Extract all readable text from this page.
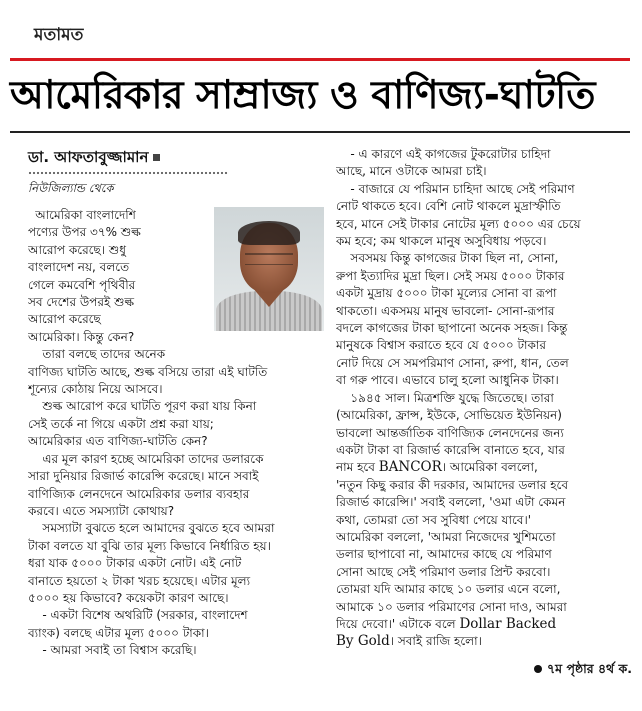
মতামত
আমেরিকার সাম্রাজ্য ও বাণিজ্য-ঘাটতি
ডা. আফতাবুজ্জামান
নিউজিল্যান্ড থেকে
আমেরিকা বাংলাদেশি
পণ্যের উপর ৩৭% শুল্ক
আরোপ করেছে। শুধু
বাংলাদেশ নয়, বলতে
গেলে কমবেশি পৃথিবীর
সব দেশের উপরই শুল্ক
আরোপ করেছে
আমেরিকা। কিন্তু কেন?
তারা বলছে তাদের অনেক
বাণিজ্য ঘাটতি আছে, শুল্ক বসিয়ে তারা এই ঘাটতি
শূন্যের কোঠায় নিয়ে আসবে।
শুল্ক আরোপ করে ঘাটতি পূরণ করা যায় কিনা
সেই তর্কে না গিয়ে একটা প্রশ্ন করা যায়;
আমেরিকার এত বাণিজ্য-ঘাটতি কেন?
এর মূল কারণ হচ্ছে আমেরিকা তাদের ডলারকে
সারা দুনিয়ার রিজার্ভ কারেন্সি করেছে। মানে সবাই
বাণিজ্যিক লেনদেনে আমেরিকার ডলার ব্যবহার
করবে। এতে সমস্যাটা কোথায়?
সমস্যাটা বুঝতে হলে আমাদের বুঝতে হবে আমরা
টাকা বলতে যা বুঝি তার মূল্য কিভাবে নির্ধারিত হয়।
ধরা যাক ৫০০০ টাকার একটা নোট। এই নোট
বানাতে হয়তো ২ টাকা খরচ হয়েছে। এটার মূল্য
৫০০০ হয় কিভাবে? কয়েকটা কারণ আছে।
- একটা বিশেষ অথরিটি (সরকার, বাংলাদেশ
ব্যাংক) বলছে এটার মূল্য ৫০০০ টাকা।
- আমরা সবাই তা বিশ্বাস করেছি।
- এ কারণে এই কাগজের টুকরোটার চাহিদা
আছে, মানে ওটাকে আমরা চাই।
- বাজারে যে পরিমান চাহিদা আছে সেই পরিমাণ
নোট থাকতে হবে। বেশি নোট থাকলে মুদ্রাস্ফীতি
হবে, মানে সেই টাকার নোটের মূল্য ৫০০০ এর চেয়ে
কম হবে; কম থাকলে মানুষ অসুবিধায় পড়বে।
সবসময় কিন্তু কাগজের টাকা ছিল না, সোনা,
রুপা ইত্যাদির মুদ্রা ছিল। সেই সময় ৫০০০ টাকার
একটা মুদ্রায় ৫০০০ টাকা মূল্যের সোনা বা রূপা
থাকতো। একসময় মানুষ ভাবলো- সোনা-রূপার
বদলে কাগজের টাকা ছাপানো অনেক সহজ। কিন্তু
মানুষকে বিশ্বাস করাতে হবে যে ৫০০০ টাকার
নোট দিয়ে সে সমপরিমাণ সোনা, রুপা, ধান, তেল
বা গরু পাবে। এভাবে চালু হলো আধুনিক টাকা।
১৯৪৫ সাল। মিত্রশক্তি যুদ্ধে জিতেছে। তারা
(আমেরিকা, ফ্রান্স, ইউকে, সোভিয়েত ইউনিয়ন)
ভাবলো আন্তর্জাতিক বাণিজ্যিক লেনদেনের জন্য
একটা টাকা বা রিজার্ভ কারেন্সি বানাতে হবে, যার
নাম হবে BANCOR। আমেরিকা বললো,
'নতুন কিছু করার কী দরকার, আমাদের ডলার হবে
রিজার্ভ কারেন্সি।' সবাই বললো, 'ওমা এটা কেমন
কথা, তোমরা তো সব সুবিধা পেয়ে যাবে।'
আমেরিকা বললো, 'আমরা নিজেদের খুশিমতো
ডলার ছাপাবো না, আমাদের কাছে যে পরিমাণ
সোনা আছে সেই পরিমাণ ডলার প্রিন্ট করবো।
তোমরা যদি আমার কাছে ১০ ডলার এনে বলো,
আমাকে ১০ ডলার পরিমাণের সোনা দাও, আমরা
দিয়ে দেবো।' এটাকে বলে Dollar Backed
By Gold। সবাই রাজি হলো।
৭ম পৃষ্ঠার ৪র্থ ক.
